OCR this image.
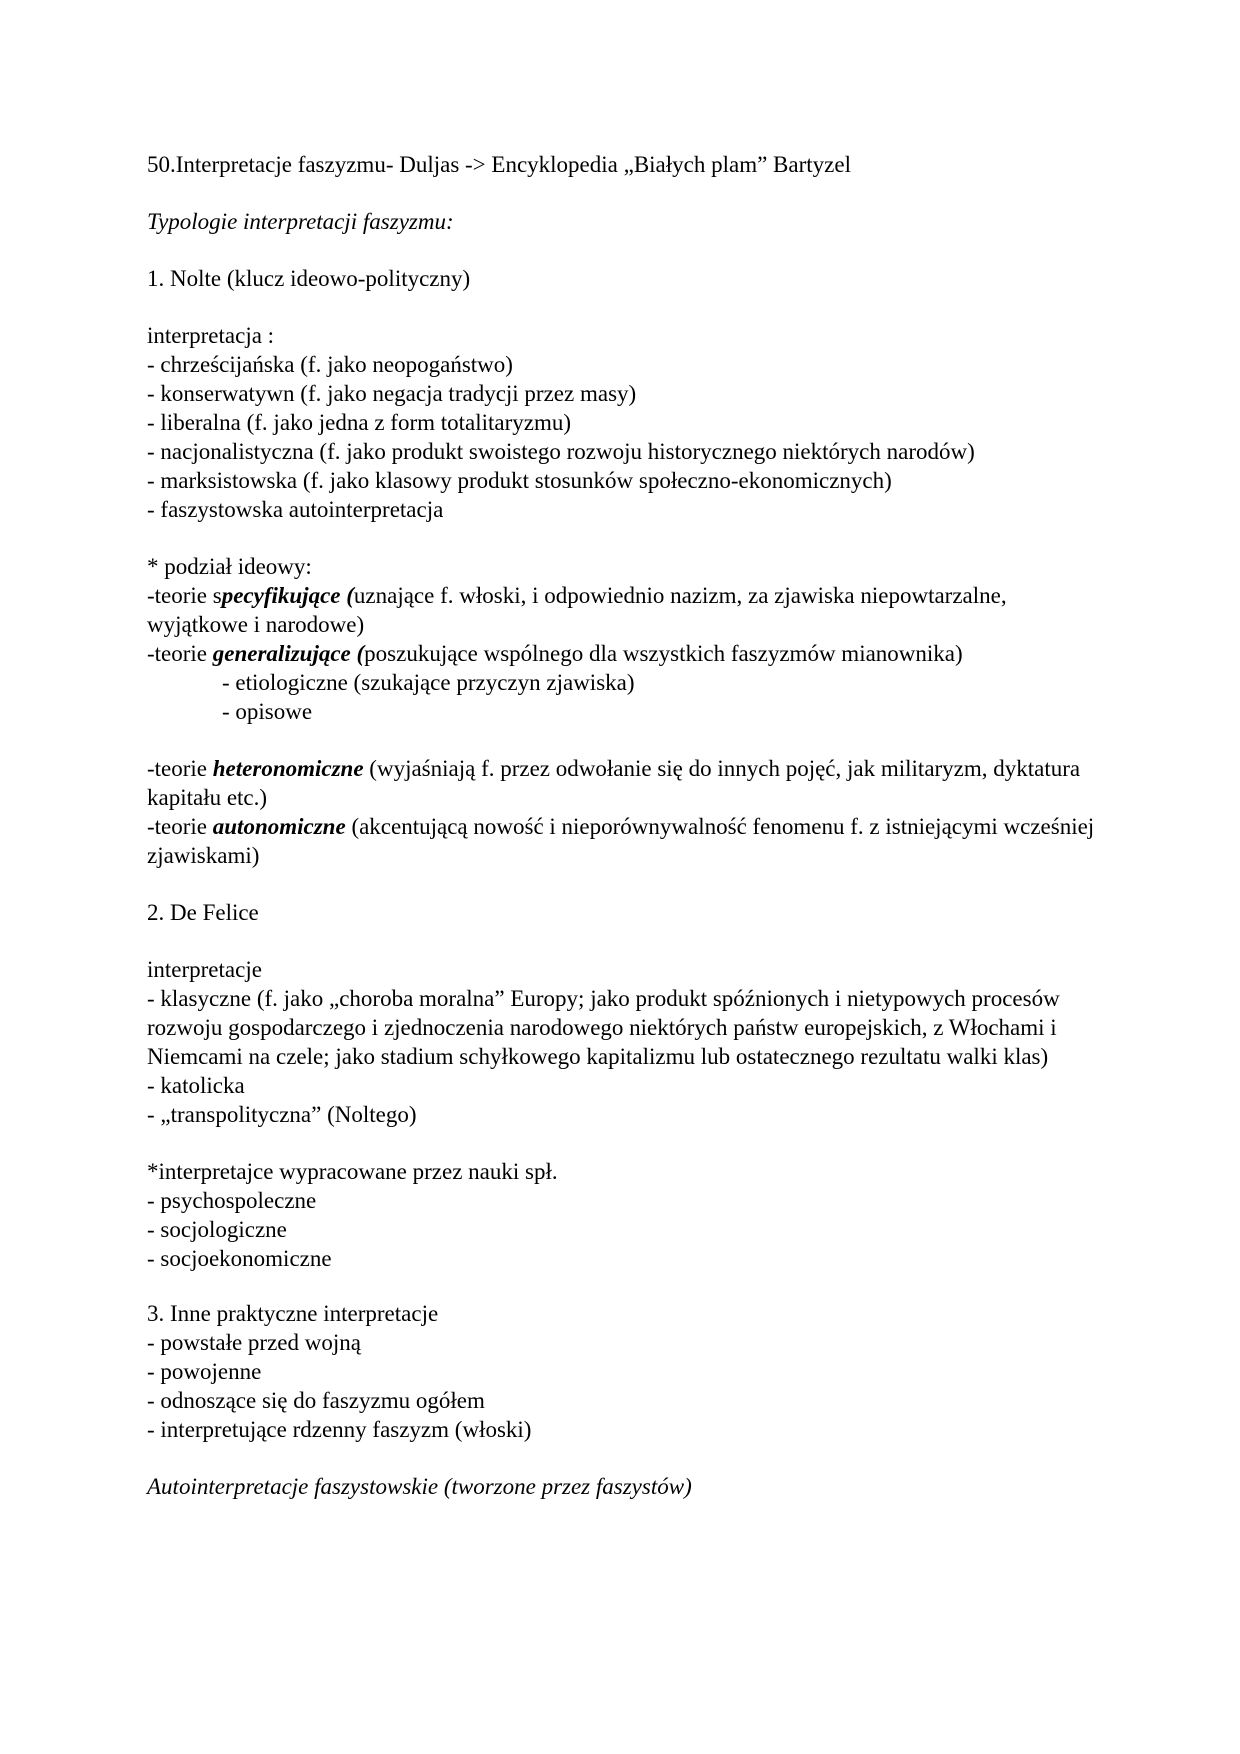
50.Interpretacje faszyzmu- Duljas -> Encyklopedia „Białych plam” Bartyzel
Typologie interpretacji faszyzmu:
1. Nolte (klucz ideowo-polityczny)
interpretacja :
- chrześcijańska (f. jako neopogaństwo)
- konserwatywn (f. jako negacja tradycji przez masy)
- liberalna (f. jako jedna z form totalitaryzmu)
- nacjonalistyczna (f. jako produkt swoistego rozwoju historycznego niektórych narodów)
- marksistowska (f. jako klasowy produkt stosunków społeczno-ekonomicznych)
- faszystowska autointerpretacja
* podział ideowy:
-teorie specyfikujące (uznające f. włoski, i odpowiednio nazizm, za zjawiska niepowtarzalne, wyjątkowe i narodowe)
-teorie generalizujące (poszukujące wspólnego dla wszystkich faszyzmów mianownika)
- etiologiczne (szukające przyczyn zjawiska)
- opisowe
-teorie heteronomiczne (wyjaśniają f. przez odwołanie się do innych pojęć, jak militaryzm, dyktatura kapitału etc.)
-teorie autonomiczne (akcentującą nowość i nieporównywalność fenomenu f. z istniejącymi wcześniej zjawiskami)
2. De Felice
interpretacje
- klasyczne (f. jako „choroba moralna” Europy; jako produkt spóźnionych i nietypowych procesów rozwoju gospodarczego i zjednoczenia narodowego niektórych państw europejskich, z Włochami i Niemcami na czele; jako stadium schyłkowego kapitalizmu lub ostatecznego rezultatu walki klas)
- katolicka
- „transpolityczna” (Noltego)
*interpretajce wypracowane przez nauki spł.
- psychospoleczne
- socjologiczne
- socjoekonomiczne
3. Inne praktyczne interpretacje
- powstałe przed wojną
- powojenne
- odnoszące się do faszyzmu ogółem
- interpretujące rdzenny faszyzm (włoski)
Autointerpretacje faszystowskie (tworzone przez faszystów)
